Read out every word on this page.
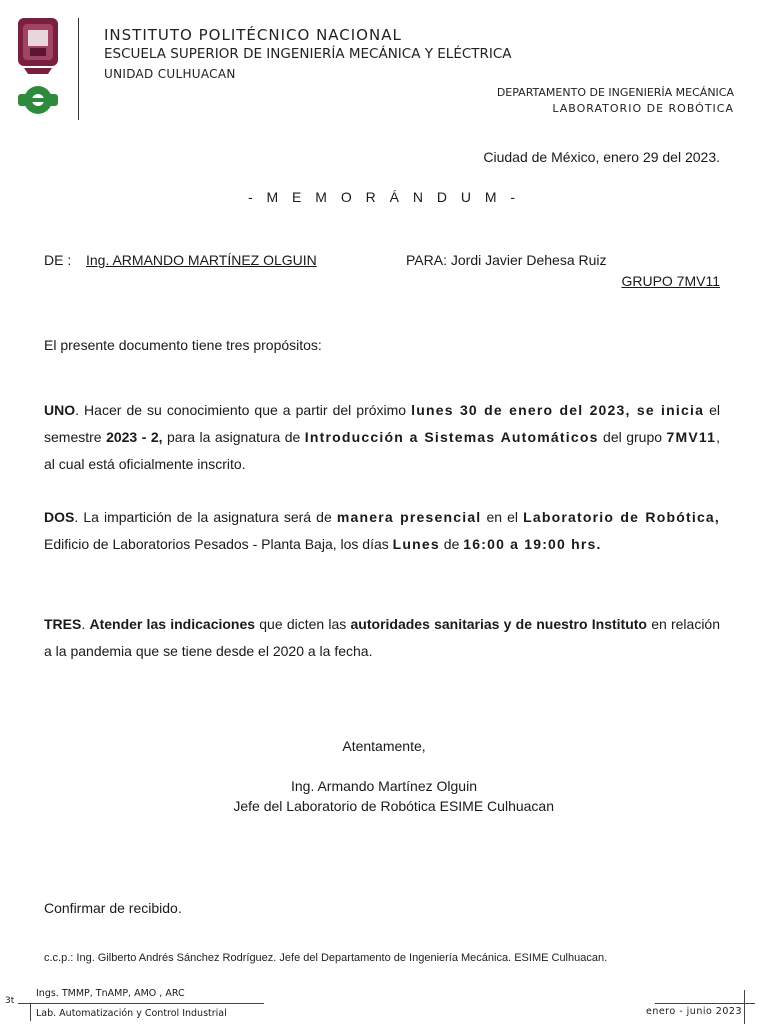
INSTITUTO POLITÉCNICO NACIONAL
ESCUELA SUPERIOR DE INGENIERÍA MECÁNICA Y ELÉCTRICA
UNIDAD CULHUACAN
DEPARTAMENTO DE INGENIERÍA MECÁNICA
LABORATORIO DE ROBÓTICA
Ciudad de México, enero 29 del 2023.
- M E M O R Á N D U M -
DE : Ing. ARMANDO MARTÍNEZ OLGUIN	PARA: Jordi Javier Dehesa Ruiz
GRUPO 7MV11
El presente documento tiene tres propósitos:
UNO. Hacer de su conocimiento que a partir del próximo lunes 30 de enero del 2023, se inicia el semestre 2023 - 2, para la asignatura de Introducción a Sistemas Automáticos del grupo 7MV11, al cual está oficialmente inscrito.
DOS. La impartición de la asignatura será de manera presencial en el Laboratorio de Robótica, Edificio de Laboratorios Pesados - Planta Baja, los días Lunes de 16:00 a 19:00 hrs.
TRES. Atender las indicaciones que dicten las autoridades sanitarias y de nuestro Instituto en relación a la pandemia que se tiene desde el 2020 a la fecha.
Atentamente,
Ing. Armando Martínez Olguin
Jefe del Laboratorio de Robótica ESIME Culhuacan
Confirmar de recibido.
c.c.p.: Ing. Gilberto Andrés Sánchez Rodríguez. Jefe del Departamento de Ingeniería Mecánica. ESIME Culhuacan.
3t
Ings. TMMP, TnAMP, AMO , ARC
Lab. Automatización y Control Industrial	enero - junio 2023
